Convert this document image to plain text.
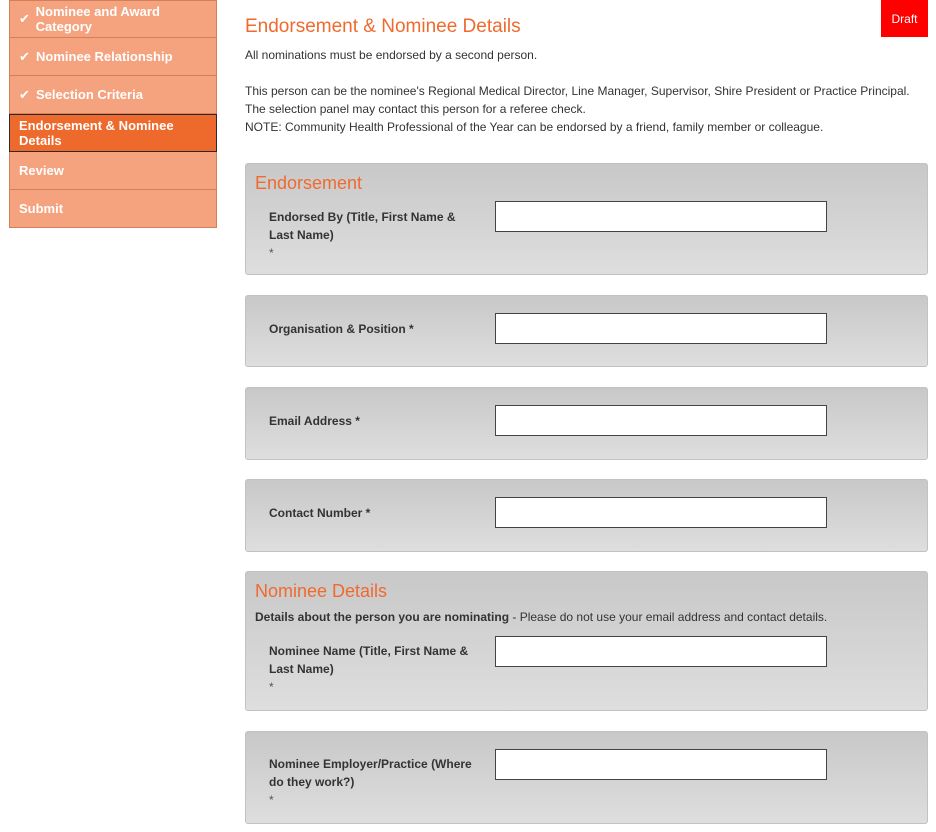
✔ Nominee and Award Category
✔ Nominee Relationship
✔ Selection Criteria
Endorsement & Nominee Details
Review
Submit
Draft
Endorsement & Nominee Details

All nominations must be endorsed by a second person.

This person can be the nominee's Regional Medical Director, Line Manager, Supervisor, Shire President or Practice Principal. The selection panel may contact this person for a referee check.

NOTE: Community Health Professional of the Year can be endorsed by a friend, family member or colleague.

Endorsement
Endorsed By (Title, First Name & Last Name)
*
Organisation & Position *
Email Address *
Contact Number *
Nominee Details
Details about the person you are nominating - Please do not use your email address and contact details.
Nominee Name (Title, First Name & Last Name)
*
Nominee Employer/Practice (Where do they work?)
*
